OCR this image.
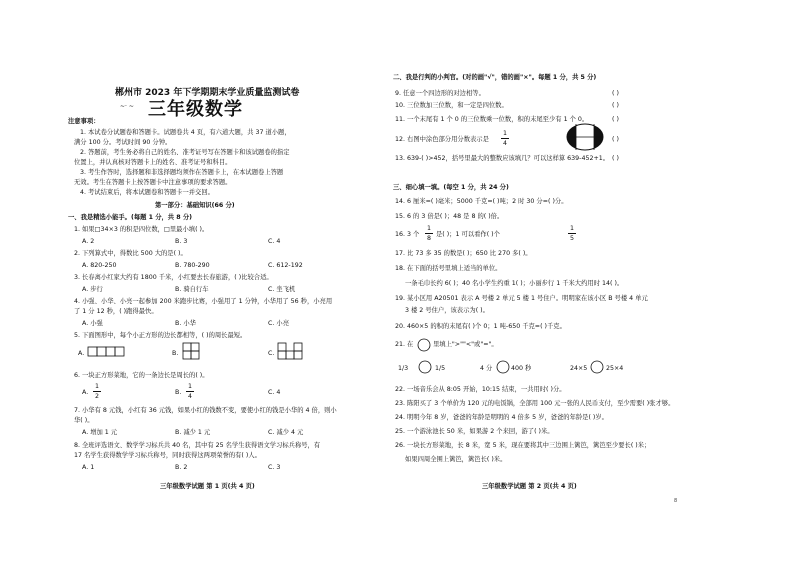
郴州市 2023 年下学期期末学业质量监测试卷
~· ~ 三年级数学
注意事项：
1. 本试卷分试题卷和答题卡。试题卷共 4 页，有六道大题，共 37 道小题，
满分 100 分。考试时间 90 分钟。
2. 答题前，考生务必将自己的姓名、准考证号写在答题卡和该试题卷的指定
位置上，并认真核对答题卡上的姓名、准考证号和科目。
3. 考生作答时，选择题和非选择题均须作在答题卡上，在本试题卷上答题
无效。考生在答题卡上按答题卡中注意事项的要求答题。
4. 考试结束后，将本试题卷和答题卡一并交回。
第一部分：基础知识(66 分)
一、我是精选小能手。(每题 1 分，共 8 分)
1. 如果□34×3 的积是四位数，□里最小填( )。
A. 2	B. 3	C. 4
2. 下列算式中，得数比 500 大的是( )。
A. 820-250	B. 780-290	C. 612-192
3. 长春离小红家大约有 1800 千米，小红要去长春旅游，( )比较合适。
A. 步行	B. 骑自行车	C. 坐飞机
4. 小强、小华、小亮一起参加 200 米跑步比赛，小强用了 1 分钟，小华用了 56 秒，小亮用
了 1 分 12 秒，( )跑得最快。
A. 小强	B. 小华	C. 小亮
5. 下面图形中，每个小正方形的边长都相等，( )的周长最短。
A.	B.	C.
6. 一块正方形菜地，它的一条边长是周长的( )。
A.
1
2
B.
1
4
C. 4
7. 小华有 8 元钱，小红有 36 元钱，如果小红的钱数不变，要使小红的钱是小华的 4 倍，则小
华( )。
A. 增加 1 元	B. 减少 1 元	C. 减少 4 元
8. 全班评选语文、数学学习标兵共 40 名，其中有 25 名学生获得语文学习标兵称号，有
17 名学生获得数学学习标兵称号，同时获得这两项荣誉的有( )人。
A. 1	B. 2	C. 3
三年级数学试题 第 1 页(共 4 页)
二、我是行判的小判官。(对的画"√"，错的画"×"。每题 1 分，共 5 分)
9. 任意一个四边形的对边相等。	( )
10. 三位数加三位数，和一定是四位数。	( )
11. 一个末尾有 1 个 0 的三位数乘一位数，积的末尾至少有 1 个 0。	( )
12. 右图中涂色部分用分数表示是
1
4
( )
13. 639-( )>452，括号里最大的整数应该填几？可以这样算 639-452+1。 ( )
三、细心填一填。(每空 1 分，共 24 分)
14. 6 厘米=( )毫米；5000 千克=( )吨；2 时 30 分=( )分。
15. 6 的 3 倍是( )；48 是 8 的( )倍。
16. 3 个
1
8
是( )；1 可以看作( )个
1
5
17. 比 73 多 35 的数是( )；650 比 270 多( )。
18. 在下面的括号里填上适当的单位。
一条毛巾长约 6( )；40 名小学生约重 1( )；小丽步行 1 千米大约用时 14( )。
19. 某小区用 A20501 表示 A 号楼 2 单元 5 楼 1 号住户。明明家在该小区 B 号楼 4 单元
3 楼 2 号住户，该表示为( )。
20. 460×5 的积的末尾有( )个 0；1 吨-650 千克=( )千克。
21. 在	里填上">""<"或"="。
1/3	1/5	4 分	400 秒	24×5	25×4
22. 一场音乐会从 8:05 开始，10:15 结束，一共用时( )分。
23. 陈阳买了 3 个单价为 120 元的电饭锅，全部用 100 元一张的人民币支付，至少需要( )张才够。
24. 明明今年 8 岁，爸爸的年龄是明明的 4 倍多 5 岁，爸爸的年龄是( )岁。
25. 一个游泳池长 50 米，如果游 2 个来回，游了( )米。
26. 一块长方形菜地，长 8 米，宽 5 米，现在要将其中三边围上篱笆，篱笆至少要长( )米；
如果四周全围上篱笆，篱笆长( )米。
三年级数学试题 第 2 页(共 4 页)
8
